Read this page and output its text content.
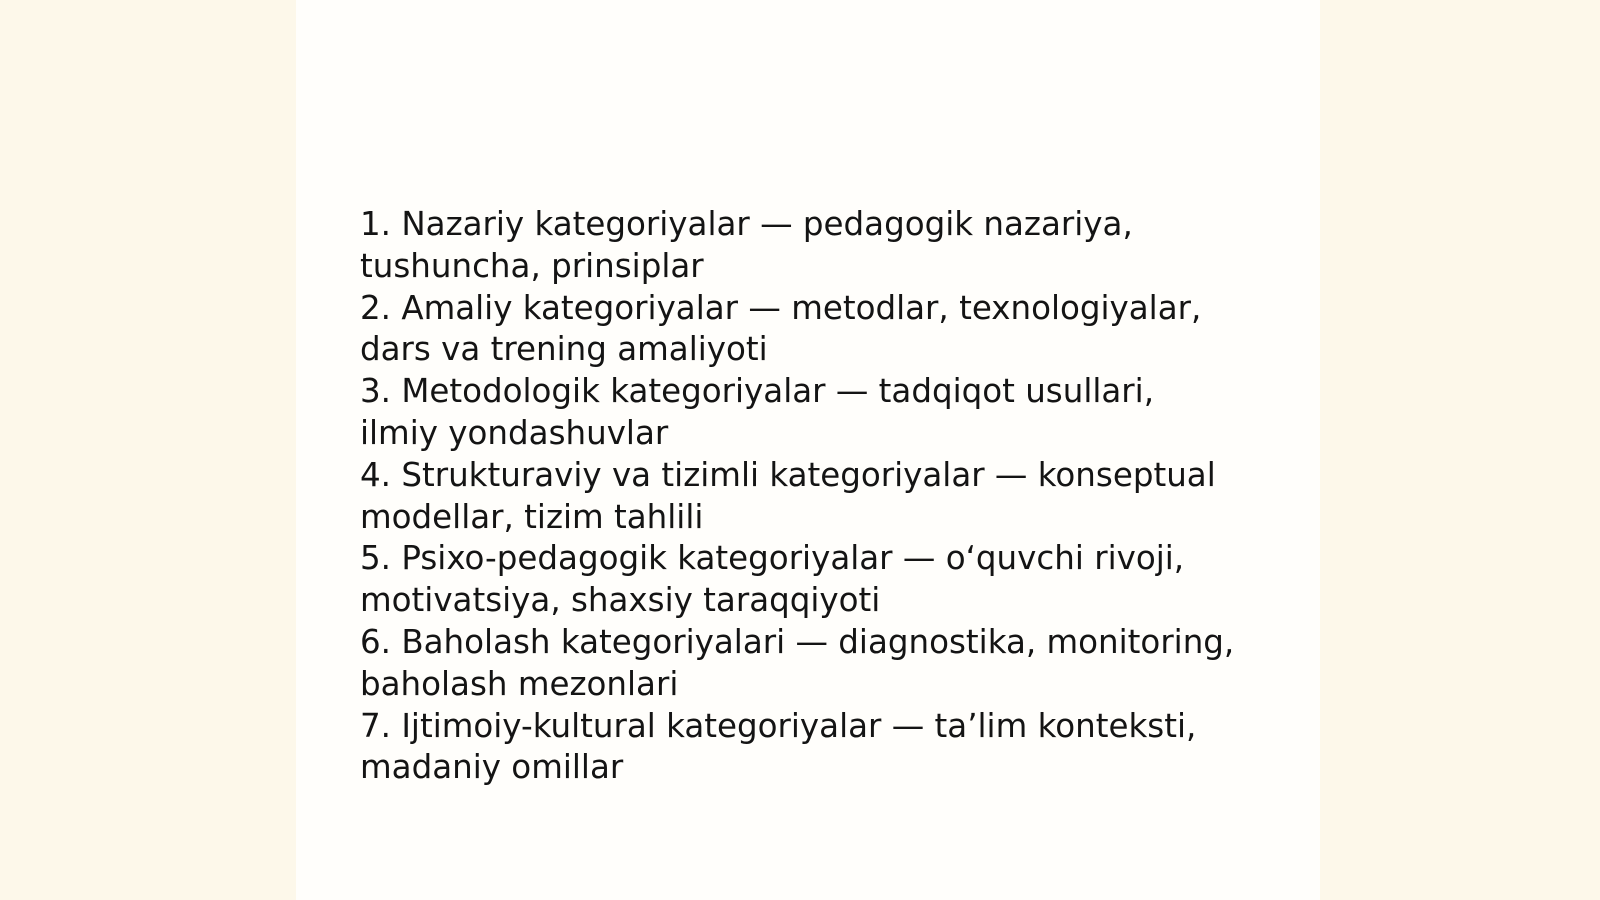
1. Nazariy kategoriyalar — pedagogik nazariya,
tushuncha, prinsiplar
2. Amaliy kategoriyalar — metodlar, texnologiyalar,
dars va trening amaliyoti
3. Metodologik kategoriyalar — tadqiqot usullari,
ilmiy yondashuvlar
4. Strukturaviy va tizimli kategoriyalar — konseptual
modellar, tizim tahlili
5. Psixo-pedagogik kategoriyalar — o‘quvchi rivoji,
motivatsiya, shaxsiy taraqqiyoti
6. Baholash kategoriyalari — diagnostika, monitoring,
baholash mezonlari
7. Ijtimoiy-kultural kategoriyalar — ta’lim konteksti,
madaniy omillar
